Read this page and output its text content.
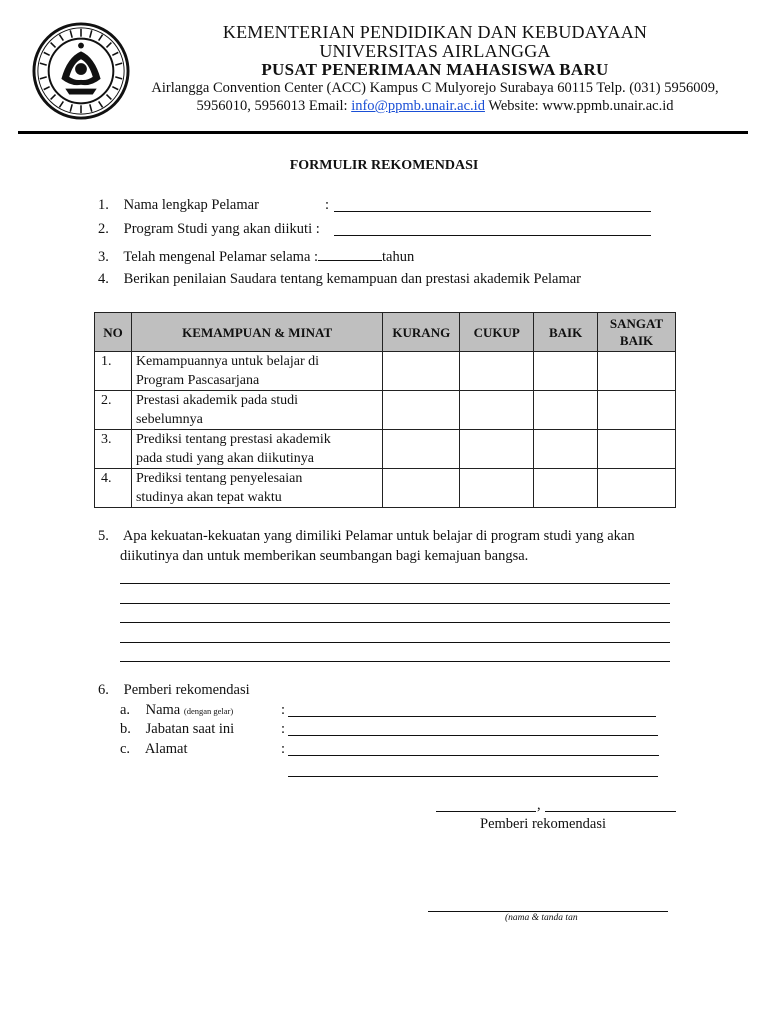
KEMENTERIAN PENDIDIKAN DAN KEBUDAYAAN
UNIVERSITAS AIRLANGGA
PUSAT PENERIMAAN MAHASISWA BARU
Airlangga Convention Center (ACC) Kampus C Mulyorejo Surabaya 60115 Telp. (031) 5956009,
5956010, 5956013 Email: info@ppmb.unair.ac.id Website: www.ppmb.unair.ac.id
FORMULIR REKOMENDASI
1. Nama lengkap Pelamar	:
2. Program Studi yang akan diikuti :
3. Telah mengenal Pelamar selama :	tahun
4. Berikan penilaian Saudara tentang kemampuan dan prestasi akademik Pelamar
NO	KEMAMPUAN & MINAT	KURANG	CUKUP	BAIK	SANGAT BAIK
1.	Kemampuannya untuk belajar di
Program Pascasarjana				
2.	Prestasi akademik pada studi
sebelumnya				
3.	Prediksi tentang prestasi akademik
pada studi yang akan diikutinya				
4.	Prediksi tentang penyelesaian
studinya akan tepat waktu				
5. Apa kekuatan-kekuatan yang dimiliki Pelamar untuk belajar di program studi yang akan
diikutinya dan untuk memberikan seumbangan bagi kemajuan bangsa.
6. Pemberi rekomendasi
a. Nama (dengan gelar)	:
b. Jabatan saat ini	:
c. Alamat	:
,
Pemberi rekomendasi
(nama & tanda tan
